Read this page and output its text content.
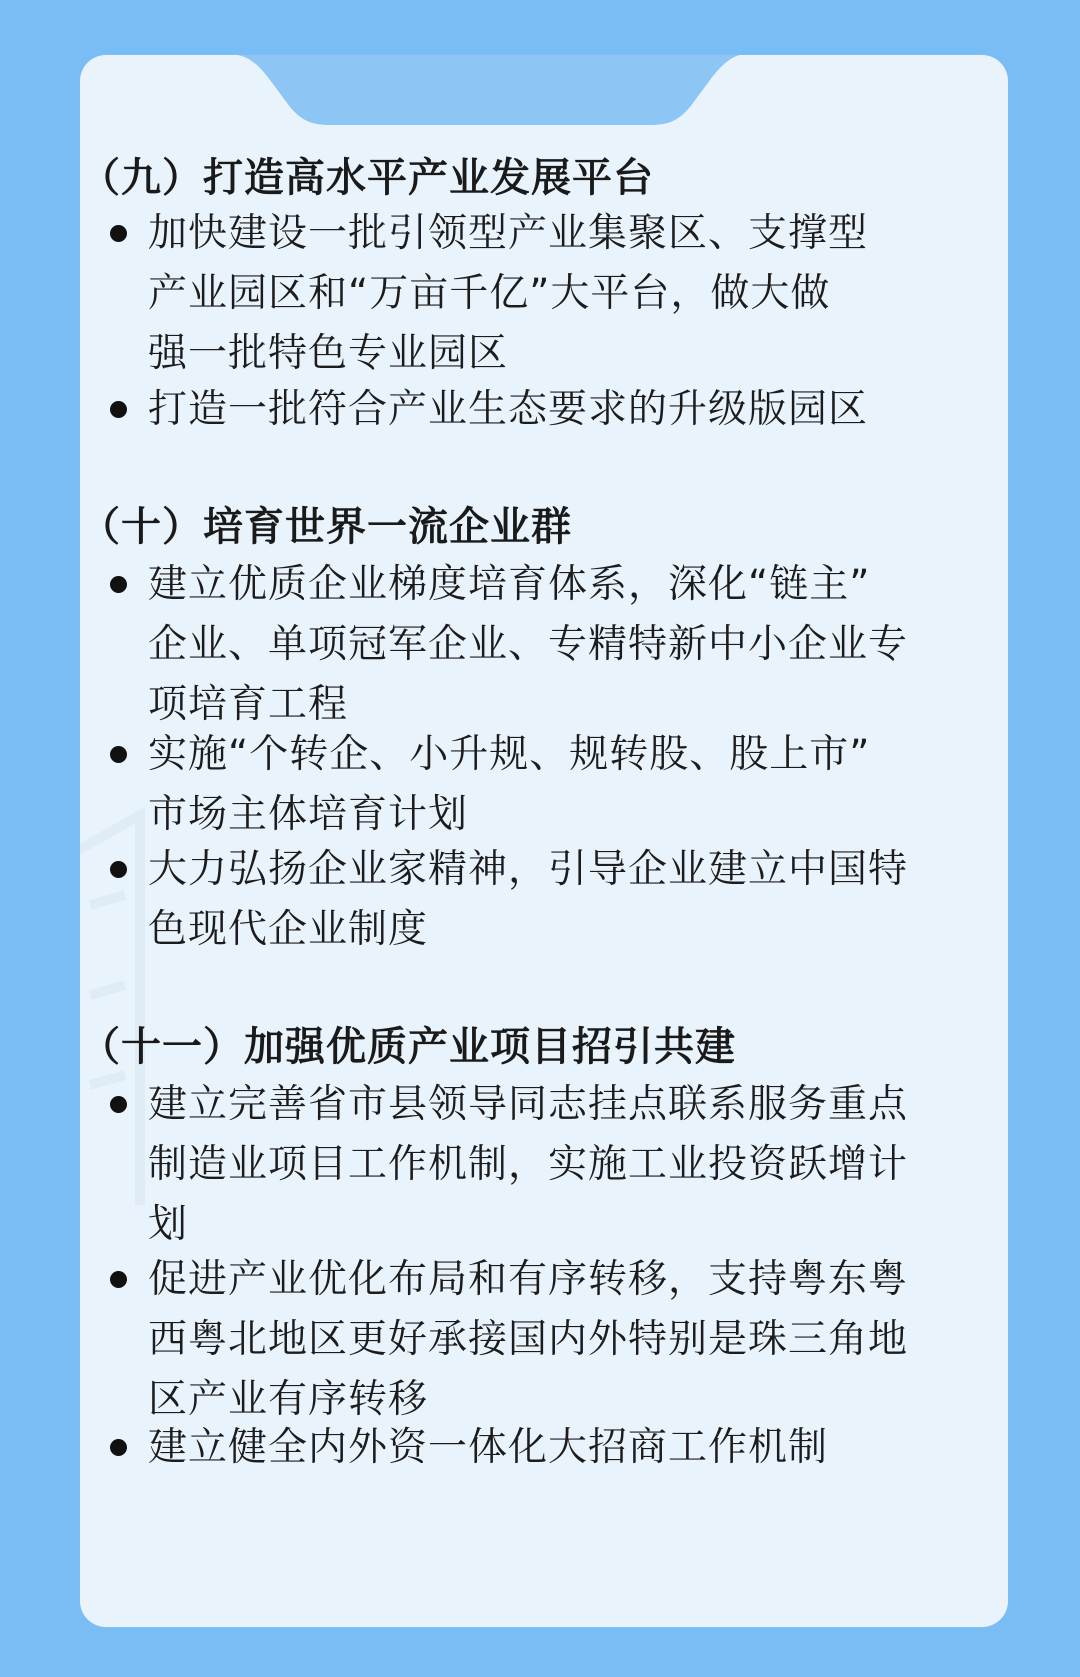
（九）打造高水平产业发展平台
加快建设一批引领型产业集聚区、支撑型
产业园区和“万亩千亿”大平台，做大做
强一批特色专业园区
打造一批符合产业生态要求的升级版园区
（十）培育世界一流企业群
建立优质企业梯度培育体系，深化“链主”
企业、单项冠军企业、专精特新中小企业专
项培育工程
实施“个转企、小升规、规转股、股上市”
市场主体培育计划
大力弘扬企业家精神，引导企业建立中国特
色现代企业制度
（十一）加强优质产业项目招引共建
建立完善省市县领导同志挂点联系服务重点
制造业项目工作机制，实施工业投资跃增计
划
促进产业优化布局和有序转移，支持粤东粤
西粤北地区更好承接国内外特别是珠三角地
区产业有序转移
建立健全内外资一体化大招商工作机制
